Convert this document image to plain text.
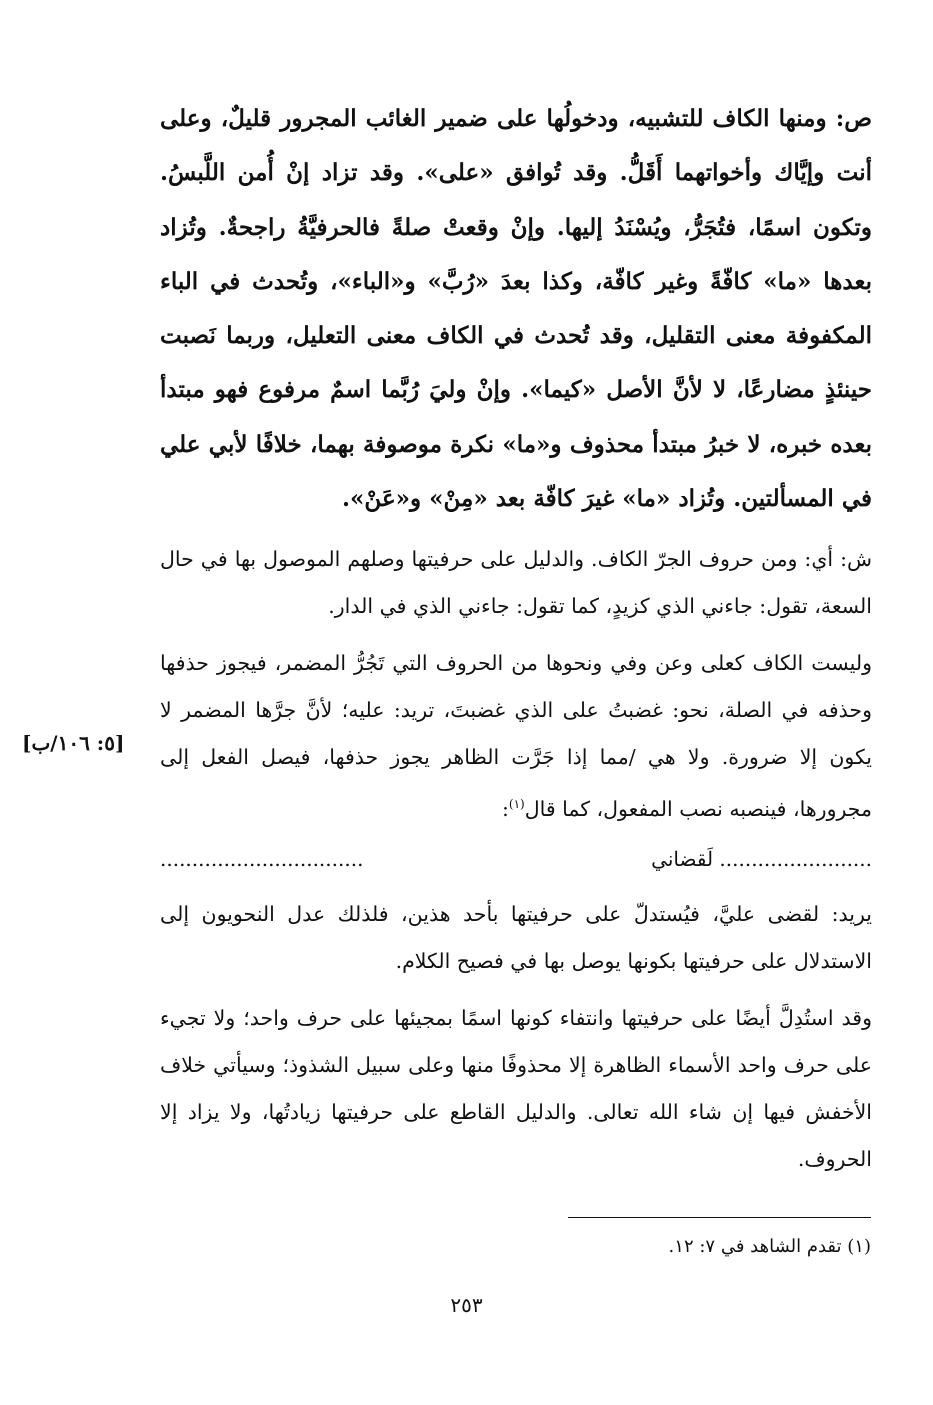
ص: ومنها الكاف للتشبيه، ودخولُها على ضمير الغائب المجرور قليلٌ، وعلى أنت وإيَّاك وأخواتهما أَقَلُّ. وقد تُوافق «على». وقد تزاد إنْ أُمن اللَّبسُ. وتكون اسمًا، فتُجَرُّ، ويُسْنَدُ إليها. وإنْ وقعتْ صلةً فالحرفيَّةُ راجحةٌ. وتُزاد بعدها «ما» كافّةً وغير كافّة، وكذا بعدَ «رُبَّ» و«الباء»، وتُحدث في الباء المكفوفة معنى التقليل، وقد تُحدث في الكاف معنى التعليل، وربما نَصبت حينئذٍ مضارعًا، لا لأنَّ الأصل «كيما». وإنْ وليَ رُبَّما اسمٌ مرفوع فهو مبتدأ بعده خبره، لا خبرُ مبتدأ محذوف و«ما» نكرة موصوفة بهما، خلافًا لأبي علي في المسألتين. وتُزاد «ما» غيرَ كافّة بعد «مِنْ» و«عَنْ».

ش: أي: ومن حروف الجرّ الكاف. والدليل على حرفيتها وصلهم الموصول بها في حال السعة، تقول: جاءني الذي كزيدٍ، كما تقول: جاءني الذي في الدار.

وليست الكاف كعلى وعن وفي ونحوها من الحروف التي تَجُرُّ المضمر، فيجوز حذفها وحذفه في الصلة، نحو: غضبتُ على الذي غضبتَ، تريد: عليه؛ لأنَّ جرَّها المضمر لا يكون إلا ضرورة. ولا هي /مما إذا جَرَّت الظاهر يجوز حذفها، فيصل الفعل إلى مجرورها، فينصبه نصب المفعول، كما قال$^{(١)}$:

........................ لَقضاني
................................

يريد: لقضى عليَّ، فيُستدلّ على حرفيتها بأحد هذين، فلذلك عدل النحويون إلى الاستدلال على حرفيتها بكونها يوصل بها في فصيح الكلام.

وقد استُدِلَّ أيضًا على حرفيتها وانتفاء كونها اسمًا بمجيئها على حرف واحد؛ ولا تجيء على حرف واحد الأسماء الظاهرة إلا محذوفًا منها وعلى سبيل الشذوذ؛ وسيأتي خلاف الأخفش فيها إن شاء الله تعالى. والدليل القاطع على حرفيتها زيادتُها، ولا يزاد إلا الحروف.

[٥: ١٠٦/ب]
(١) تقدم الشاهد في ٧: ١٢.
٢٥٣
